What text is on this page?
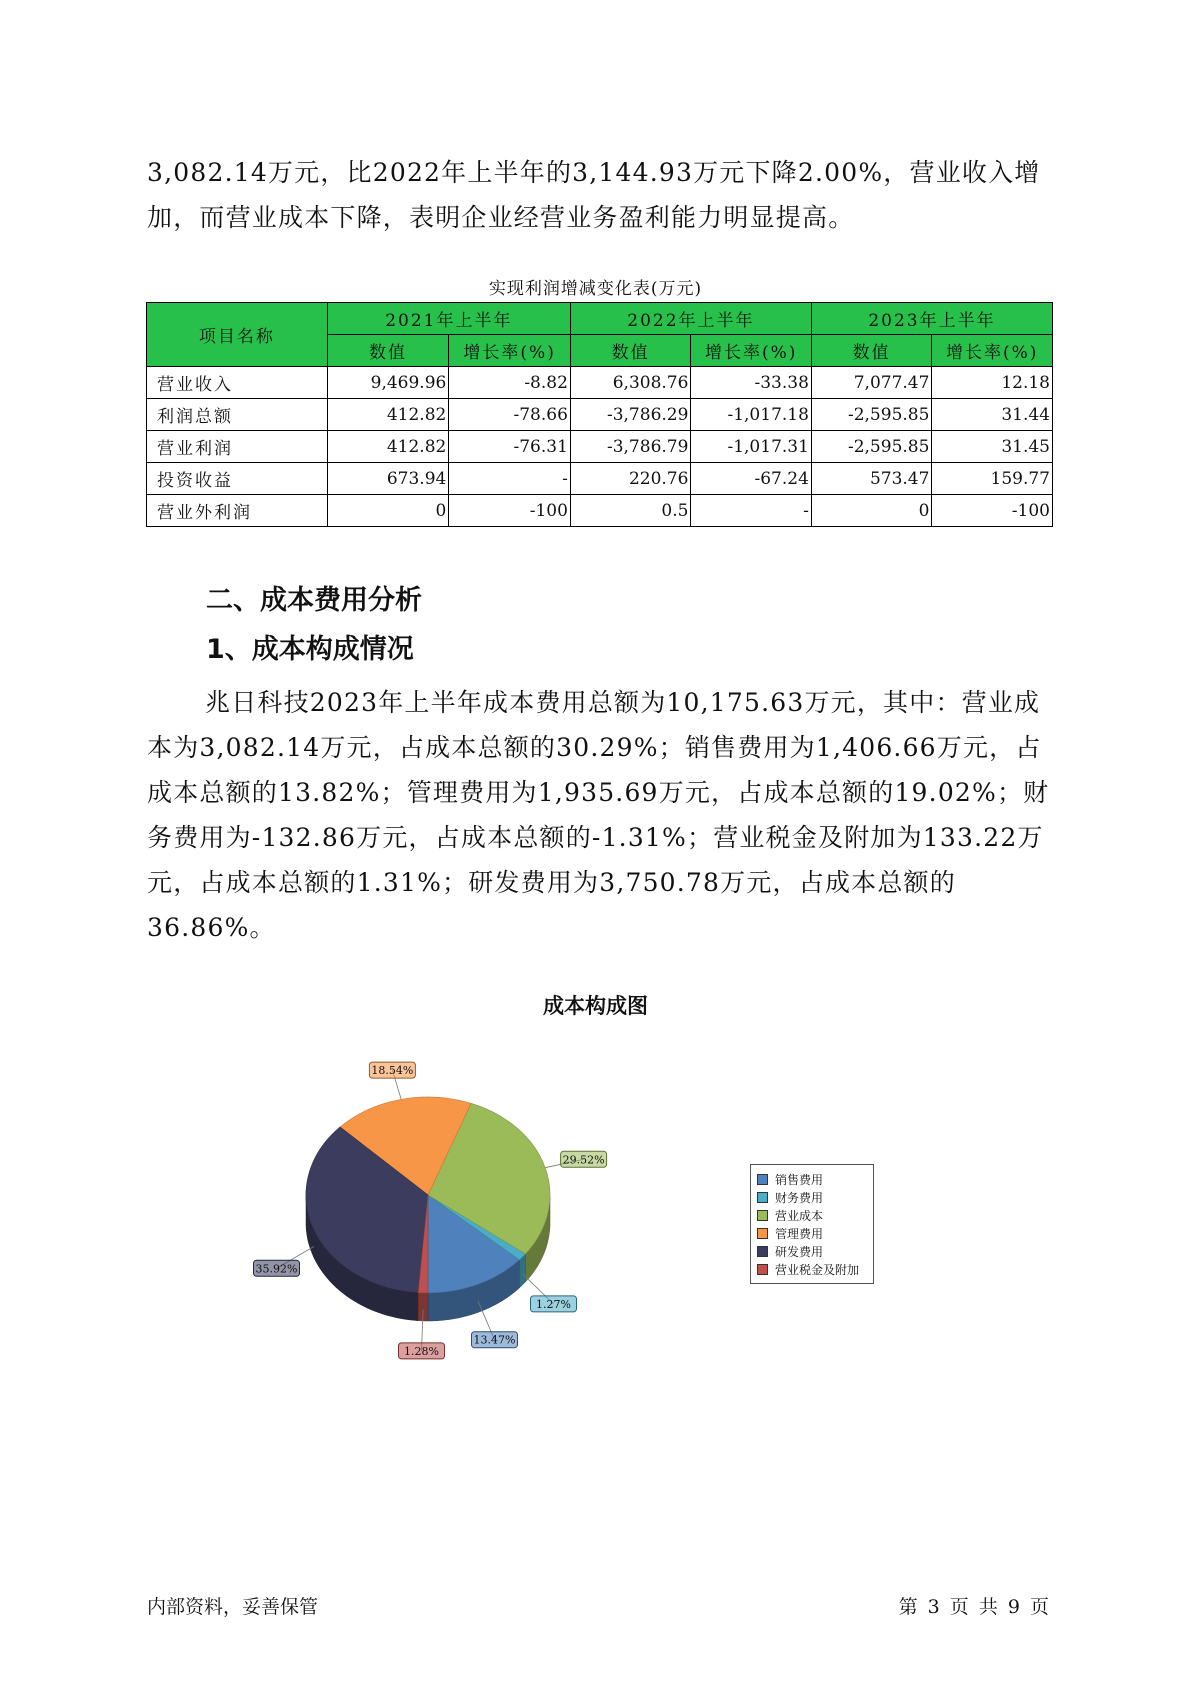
3,082.14万元，比2022年上半年的3,144.93万元下降2.00%，营业收入增加，而营业成本下降，表明企业经营业务盈利能力明显提高。

实现利润增减变化表(万元)
项目名称	2021年上半年		2022年上半年		2023年上半年	
	数值	增长率(%)	数值	增长率(%)	数值	增长率(%)
营业收入	9,469.96	-8.82	6,308.76	-33.38	7,077.47	12.18
利润总额	412.82	-78.66	-3,786.29	-1,017.18	-2,595.85	31.44
营业利润	412.82	-76.31	-3,786.79	-1,017.31	-2,595.85	31.45
投资收益	673.94	-	220.76	-67.24	573.47	159.77
营业外利润	0	-100	0.5	-	0	-100
二、成本费用分析
1、成本构成情况

兆日科技2023年上半年成本费用总额为10,175.63万元，其中：营业成本为3,082.14万元，占成本总额的30.29%；销售费用为1,406.66万元，占成本总额的13.82%；管理费用为1,935.69万元，占成本总额的19.02%；财务费用为-132.86万元，占成本总额的-1.31%；营业税金及附加为133.22万元，占成本总额的1.31%；研发费用为3,750.78万元，占成本总额的36.86%。

成本构成图
13.47%
1.27%
29.52%
18.54%
35.92%
1.28%
销售费用
财务费用
营业成本
管理费用
研发费用
营业税金及附加
内部资料，妥善保管	第 3 页 共 9 页
